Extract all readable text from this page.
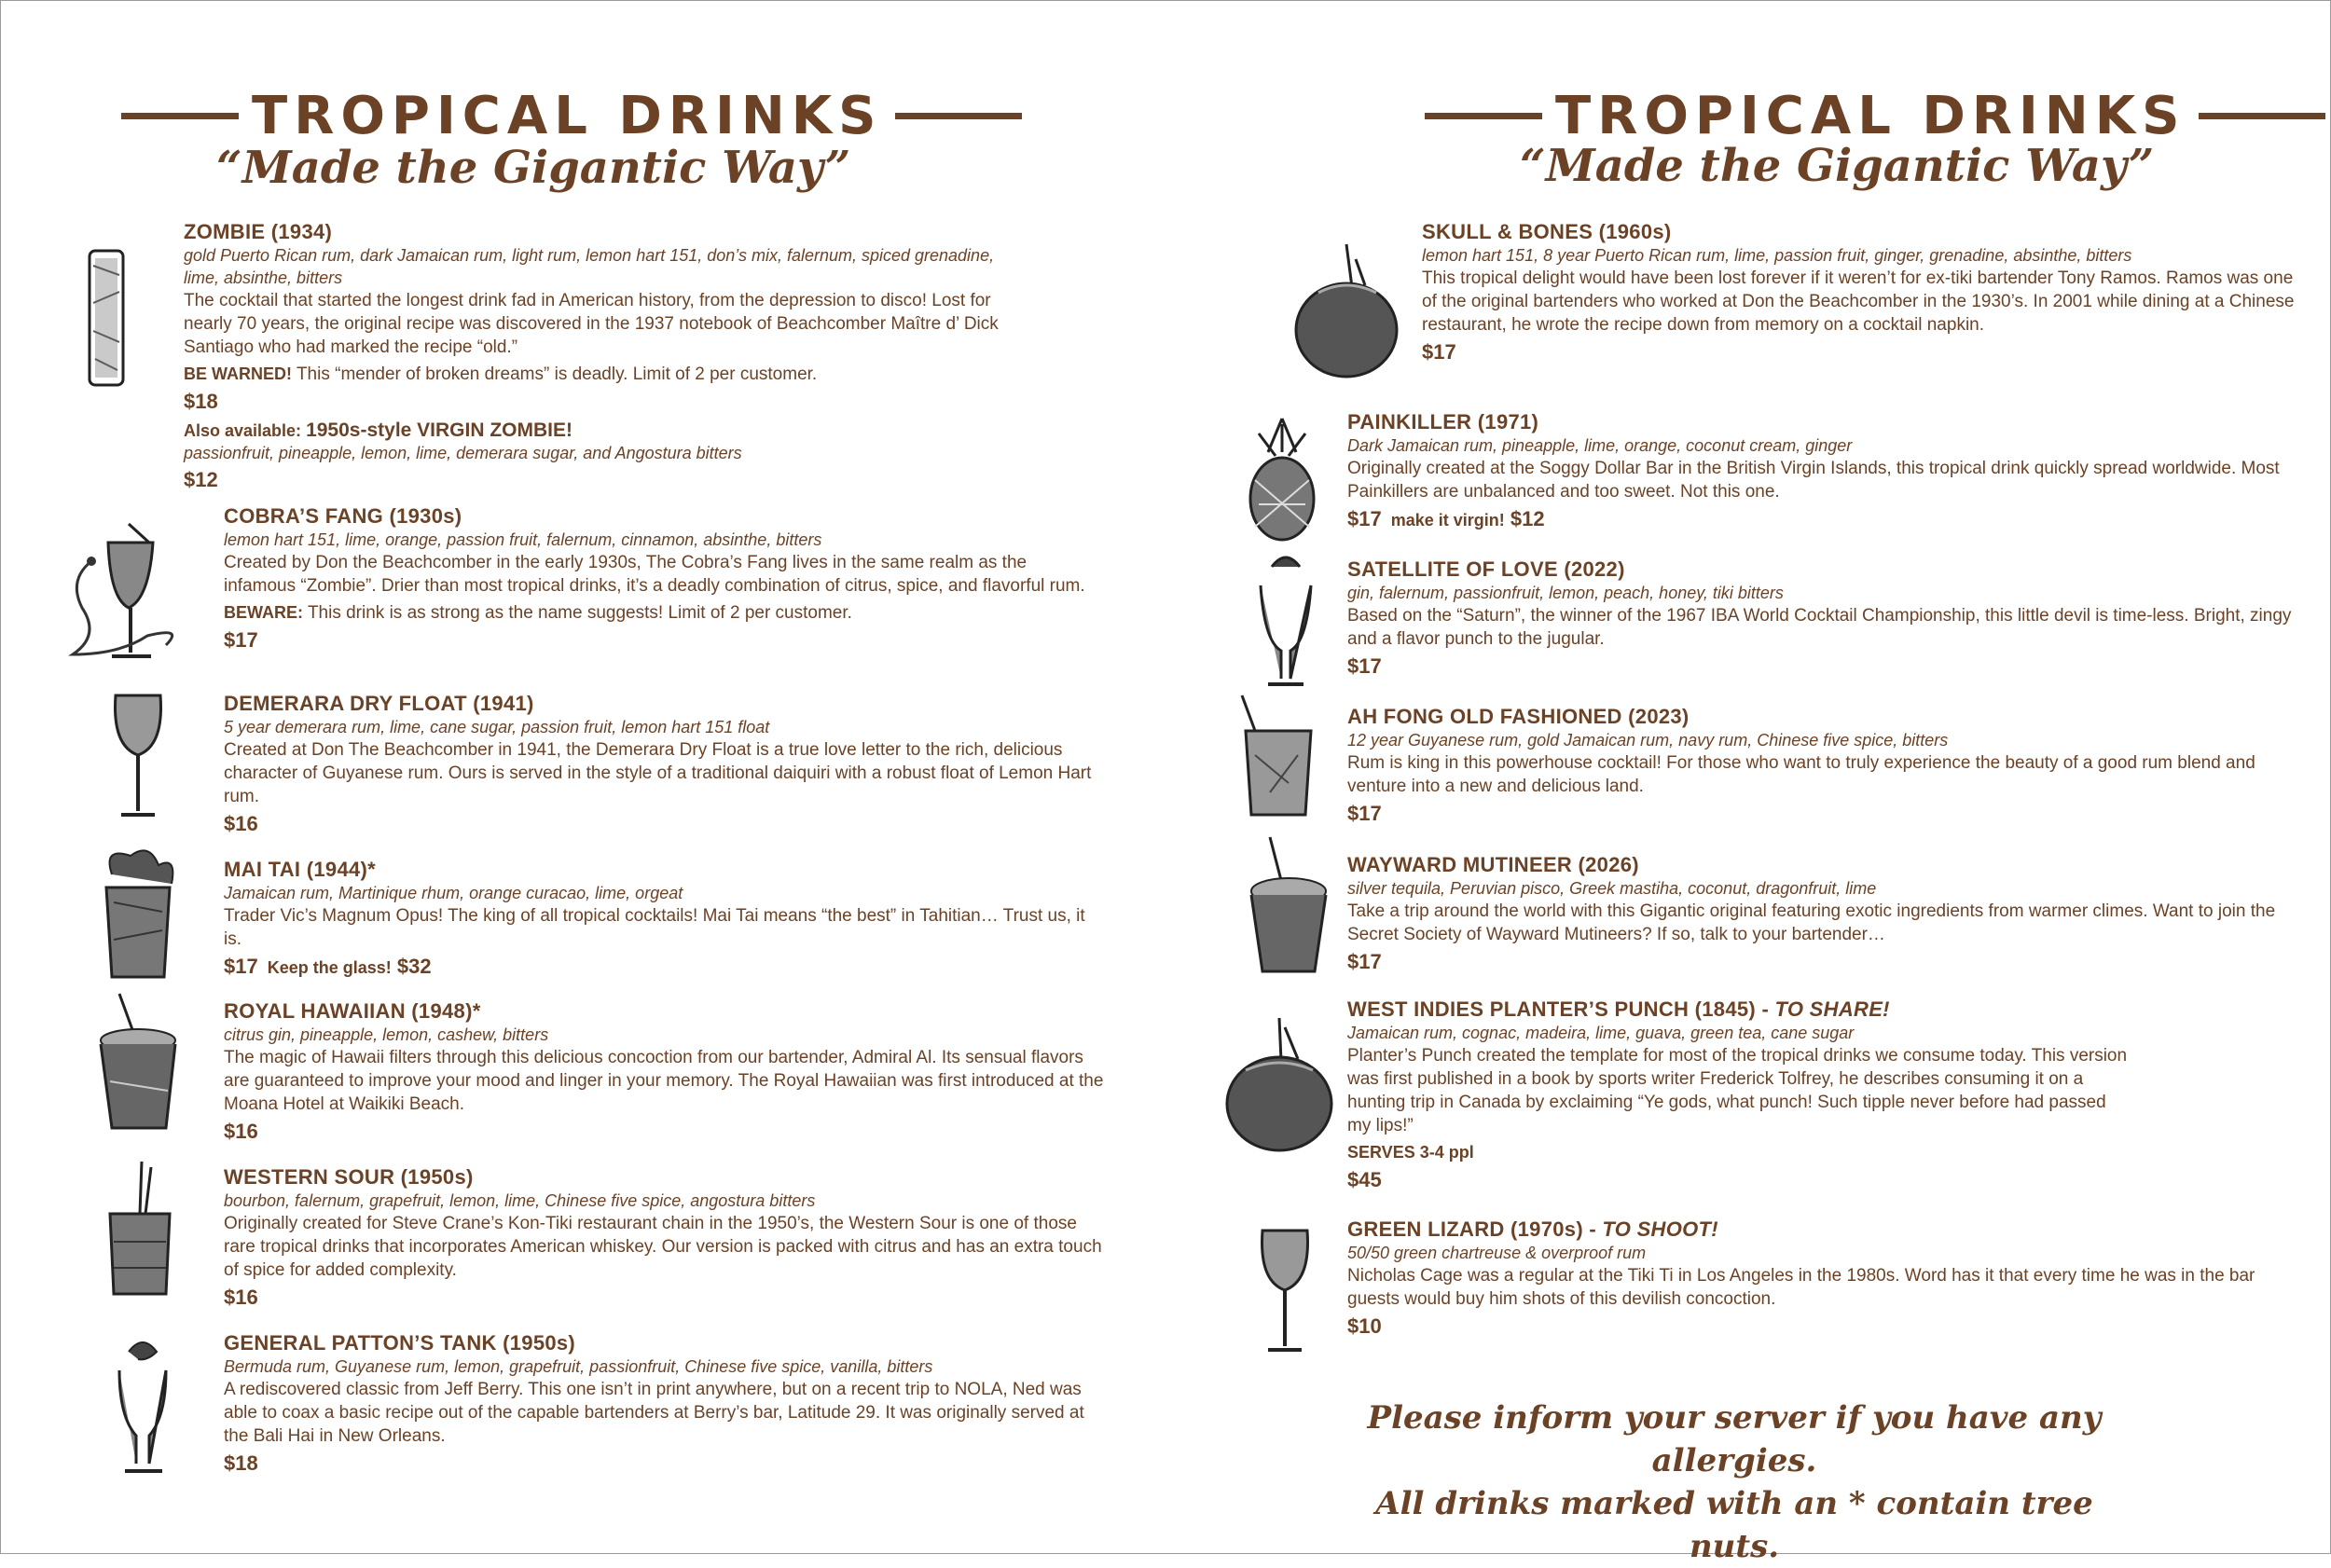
TROPICAL DRINKS
“Made the Gigantic Way”
ZOMBIE (1934)
gold Puerto Rican rum, dark Jamaican rum, light rum, lemon hart 151, don’s mix, falernum, spiced grenadine, lime, absinthe, bitters
The cocktail that started the longest drink fad in American history, from the depression to disco! Lost for nearly 70 years, the original recipe was discovered in the 1937 notebook of Beachcomber Maître d’ Dick Santiago who had marked the recipe “old.”
BE WARNED! This “mender of broken dreams” is deadly. Limit of 2 per customer.
$18
Also available: 1950s-style VIRGIN ZOMBIE!
passionfruit, pineapple, lemon, lime, demerara sugar, and Angostura bitters
$12
COBRA’S FANG (1930s)
lemon hart 151, lime, orange, passion fruit, falernum, cinnamon, absinthe, bitters
Created by Don the Beachcomber in the early 1930s, The Cobra’s Fang lives in the same realm as the infamous “Zombie”. Drier than most tropical drinks, it’s a deadly combination of citrus, spice, and flavorful rum.
BEWARE: This drink is as strong as the name suggests! Limit of 2 per customer.
$17
DEMERARA DRY FLOAT (1941)
5 year demerara rum, lime, cane sugar, passion fruit, lemon hart 151 float
Created at Don The Beachcomber in 1941, the Demerara Dry Float is a true love letter to the rich, delicious character of Guyanese rum. Ours is served in the style of a traditional daiquiri with a robust float of Lemon Hart rum.
$16
MAI TAI (1944)*
Jamaican rum, Martinique rhum, orange curacao, lime, orgeat
Trader Vic’s Magnum Opus! The king of all tropical cocktails! Mai Tai means “the best” in Tahitian… Trust us, it is.
$17 Keep the glass! $32
ROYAL HAWAIIAN (1948)*
citrus gin, pineapple, lemon, cashew, bitters
The magic of Hawaii filters through this delicious concoction from our bartender, Admiral Al. Its sensual flavors are guaranteed to improve your mood and linger in your memory. The Royal Hawaiian was first introduced at the Moana Hotel at Waikiki Beach.
$16
WESTERN SOUR (1950s)
bourbon, falernum, grapefruit, lemon, lime, Chinese five spice, angostura bitters
Originally created for Steve Crane’s Kon-Tiki restaurant chain in the 1950’s, the Western Sour is one of those rare tropical drinks that incorporates American whiskey. Our version is packed with citrus and has an extra touch of spice for added complexity.
$16
GENERAL PATTON’S TANK (1950s)
Bermuda rum, Guyanese rum, lemon, grapefruit, passionfruit, Chinese five spice, vanilla, bitters
A rediscovered classic from Jeff Berry. This one isn’t in print anywhere, but on a recent trip to NOLA, Ned was able to coax a basic recipe out of the capable bartenders at Berry’s bar, Latitude 29. It was originally served at the Bali Hai in New Orleans.
$18
TROPICAL DRINKS
“Made the Gigantic Way”
SKULL & BONES (1960s)
lemon hart 151, 8 year Puerto Rican rum, lime, passion fruit, ginger, grenadine, absinthe, bitters
This tropical delight would have been lost forever if it weren’t for ex-tiki bartender Tony Ramos. Ramos was one of the original bartenders who worked at Don the Beachcomber in the 1930’s. In 2001 while dining at a Chinese restaurant, he wrote the recipe down from memory on a cocktail napkin.
$17
PAINKILLER (1971)
Dark Jamaican rum, pineapple, lime, orange, coconut cream, ginger
Originally created at the Soggy Dollar Bar in the British Virgin Islands, this tropical drink quickly spread worldwide. Most Painkillers are unbalanced and too sweet. Not this one.
$17 make it virgin! $12
SATELLITE OF LOVE (2022)
gin, falernum, passionfruit, lemon, peach, honey, tiki bitters
Based on the “Saturn”, the winner of the 1967 IBA World Cocktail Championship, this little devil is time-less. Bright, zingy and a flavor punch to the jugular.
$17
AH FONG OLD FASHIONED (2023)
12 year Guyanese rum, gold Jamaican rum, navy rum, Chinese five spice, bitters
Rum is king in this powerhouse cocktail! For those who want to truly experience the beauty of a good rum blend and venture into a new and delicious land.
$17
WAYWARD MUTINEER (2026)
silver tequila, Peruvian pisco, Greek mastiha, coconut, dragonfruit, lime
Take a trip around the world with this Gigantic original featuring exotic ingredients from warmer climes. Want to join the Secret Society of Wayward Mutineers? If so, talk to your bartender…
$17
WEST INDIES PLANTER’S PUNCH (1845) - TO SHARE!
Jamaican rum, cognac, madeira, lime, guava, green tea, cane sugar
Planter’s Punch created the template for most of the tropical drinks we consume today. This version was first published in a book by sports writer Frederick Tolfrey, he describes consuming it on a hunting trip in Canada by exclaiming “Ye gods, what punch! Such tipple never before had passed my lips!”
SERVES 3-4 ppl
$45
GREEN LIZARD (1970s) - TO SHOOT!
50/50 green chartreuse & overproof rum
Nicholas Cage was a regular at the Tiki Ti in Los Angeles in the 1980s. Word has it that every time he was in the bar guests would buy him shots of this devilish concoction.
$10
Please inform your server if you have any allergies.
All drinks marked with an * contain tree nuts.
